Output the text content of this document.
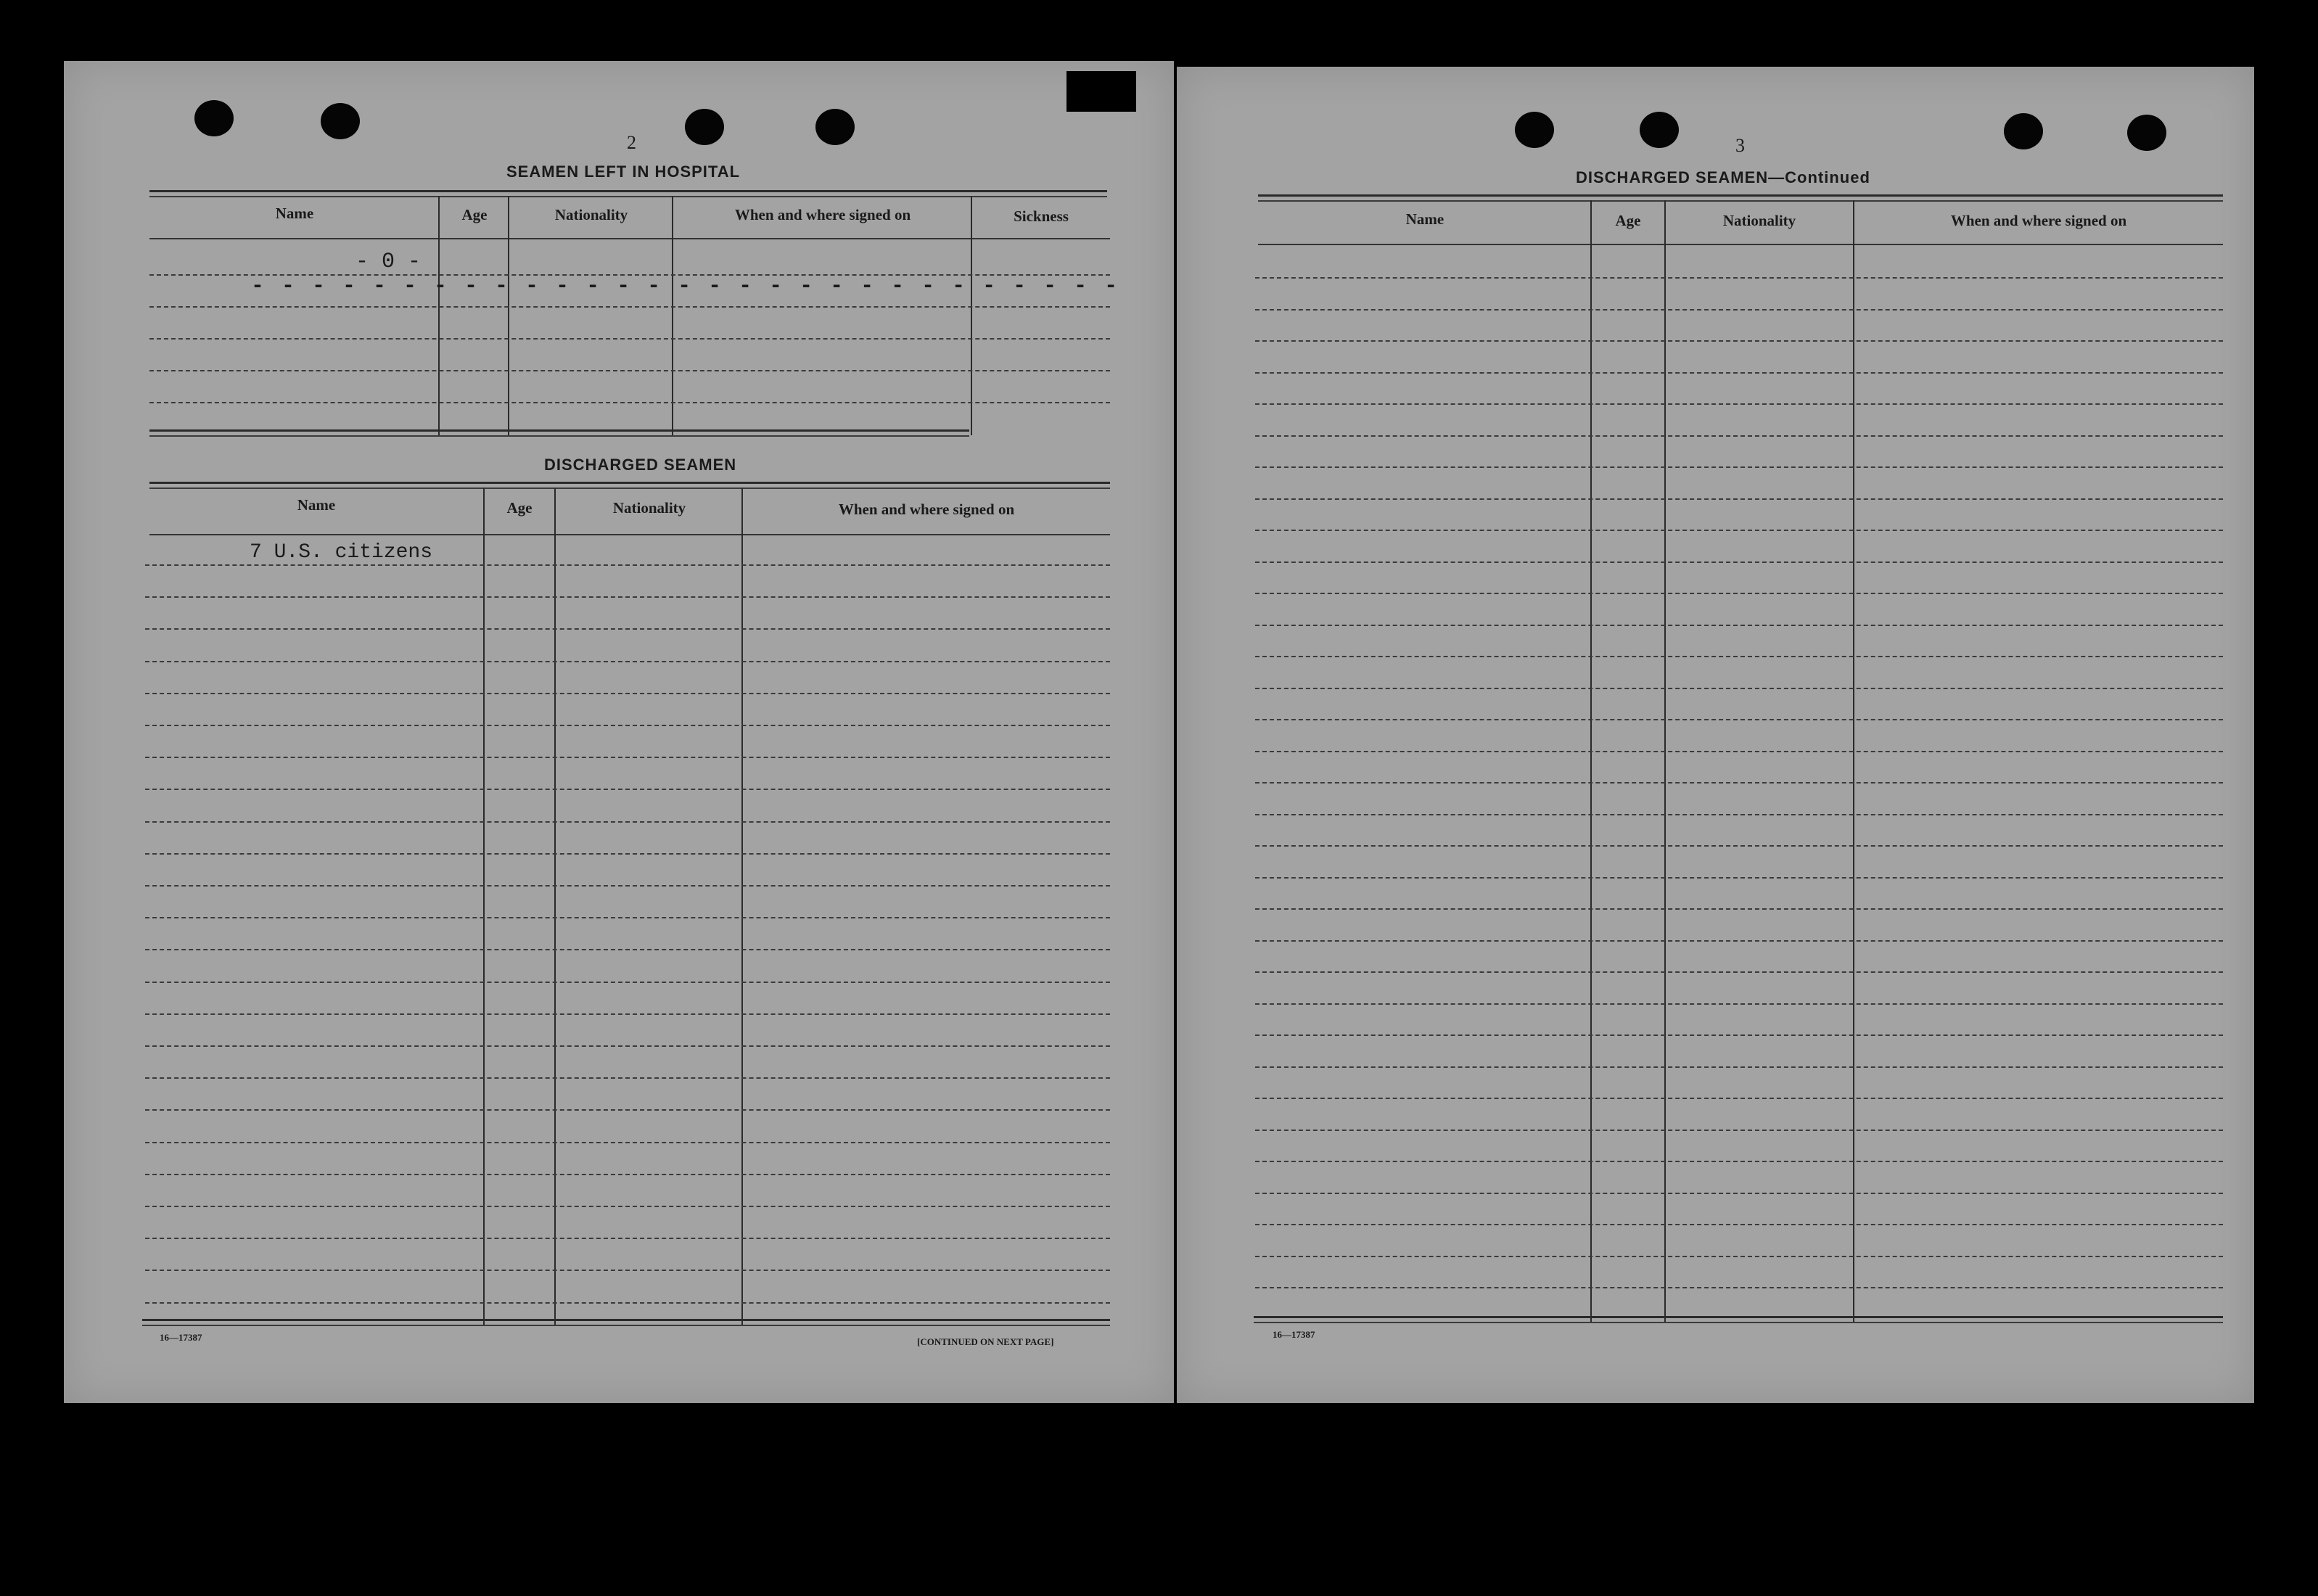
2
SEAMEN LEFT IN HOSPITAL
Name	Age	Nationality	When and where signed on	Sickness
- 0 -
- - - - - - - - - - - - - - - - - - - - - - - - - - - - -
DISCHARGED SEAMEN
Name	Age	Nationality	When and where signed on
7 U.S. citizens
16—17387	[CONTINUED ON NEXT PAGE]
3
DISCHARGED SEAMEN—Continued
Name	Age	Nationality	When and where signed on
16—17387
